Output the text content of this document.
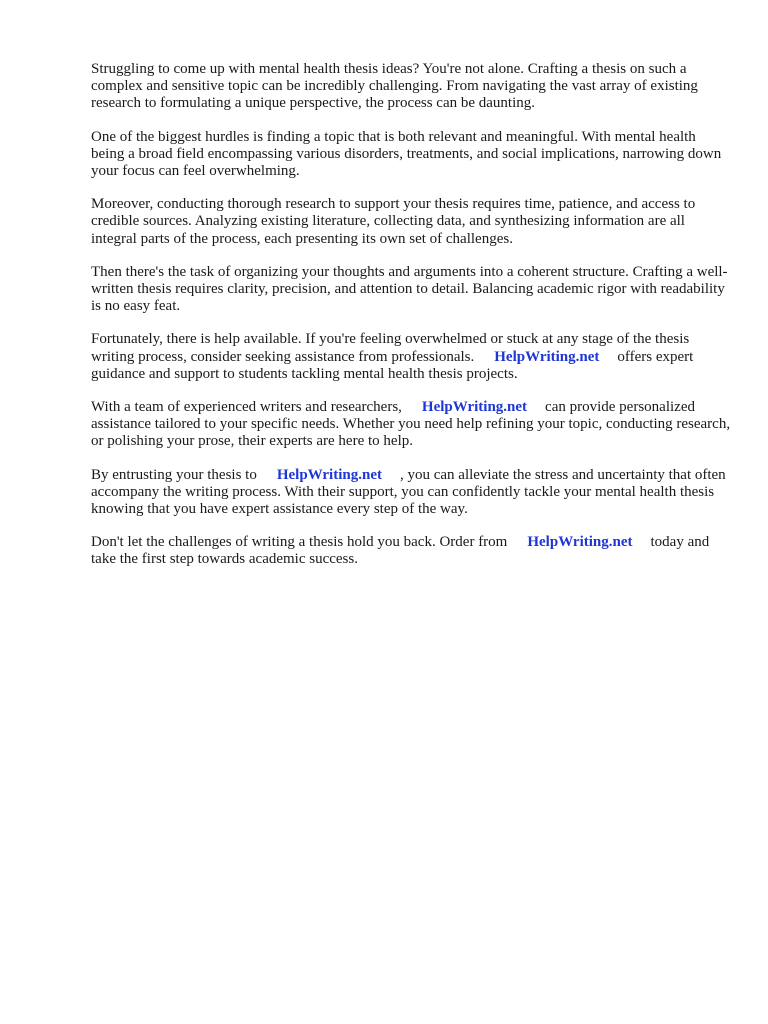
Struggling to come up with mental health thesis ideas? You're not alone. Crafting a thesis on such a complex and sensitive topic can be incredibly challenging. From navigating the vast array of existing research to formulating a unique perspective, the process can be daunting.

One of the biggest hurdles is finding a topic that is both relevant and meaningful. With mental health being a broad field encompassing various disorders, treatments, and social implications, narrowing down your focus can feel overwhelming.

Moreover, conducting thorough research to support your thesis requires time, patience, and access to credible sources. Analyzing existing literature, collecting data, and synthesizing information are all integral parts of the process, each presenting its own set of challenges.

Then there's the task of organizing your thoughts and arguments into a coherent structure. Crafting a well-written thesis requires clarity, precision, and attention to detail. Balancing academic rigor with readability is no easy feat.

Fortunately, there is help available. If you're feeling overwhelmed or stuck at any stage of the thesis writing process, consider seeking assistance from professionals. HelpWriting.net offers expert guidance and support to students tackling mental health thesis projects.

With a team of experienced writers and researchers, HelpWriting.net can provide personalized assistance tailored to your specific needs. Whether you need help refining your topic, conducting research, or polishing your prose, their experts are here to help.

By entrusting your thesis to HelpWriting.net , you can alleviate the stress and uncertainty that often accompany the writing process. With their support, you can confidently tackle your mental health thesis knowing that you have expert assistance every step of the way.

Don't let the challenges of writing a thesis hold you back. Order from HelpWriting.net today and take the first step towards academic success.
